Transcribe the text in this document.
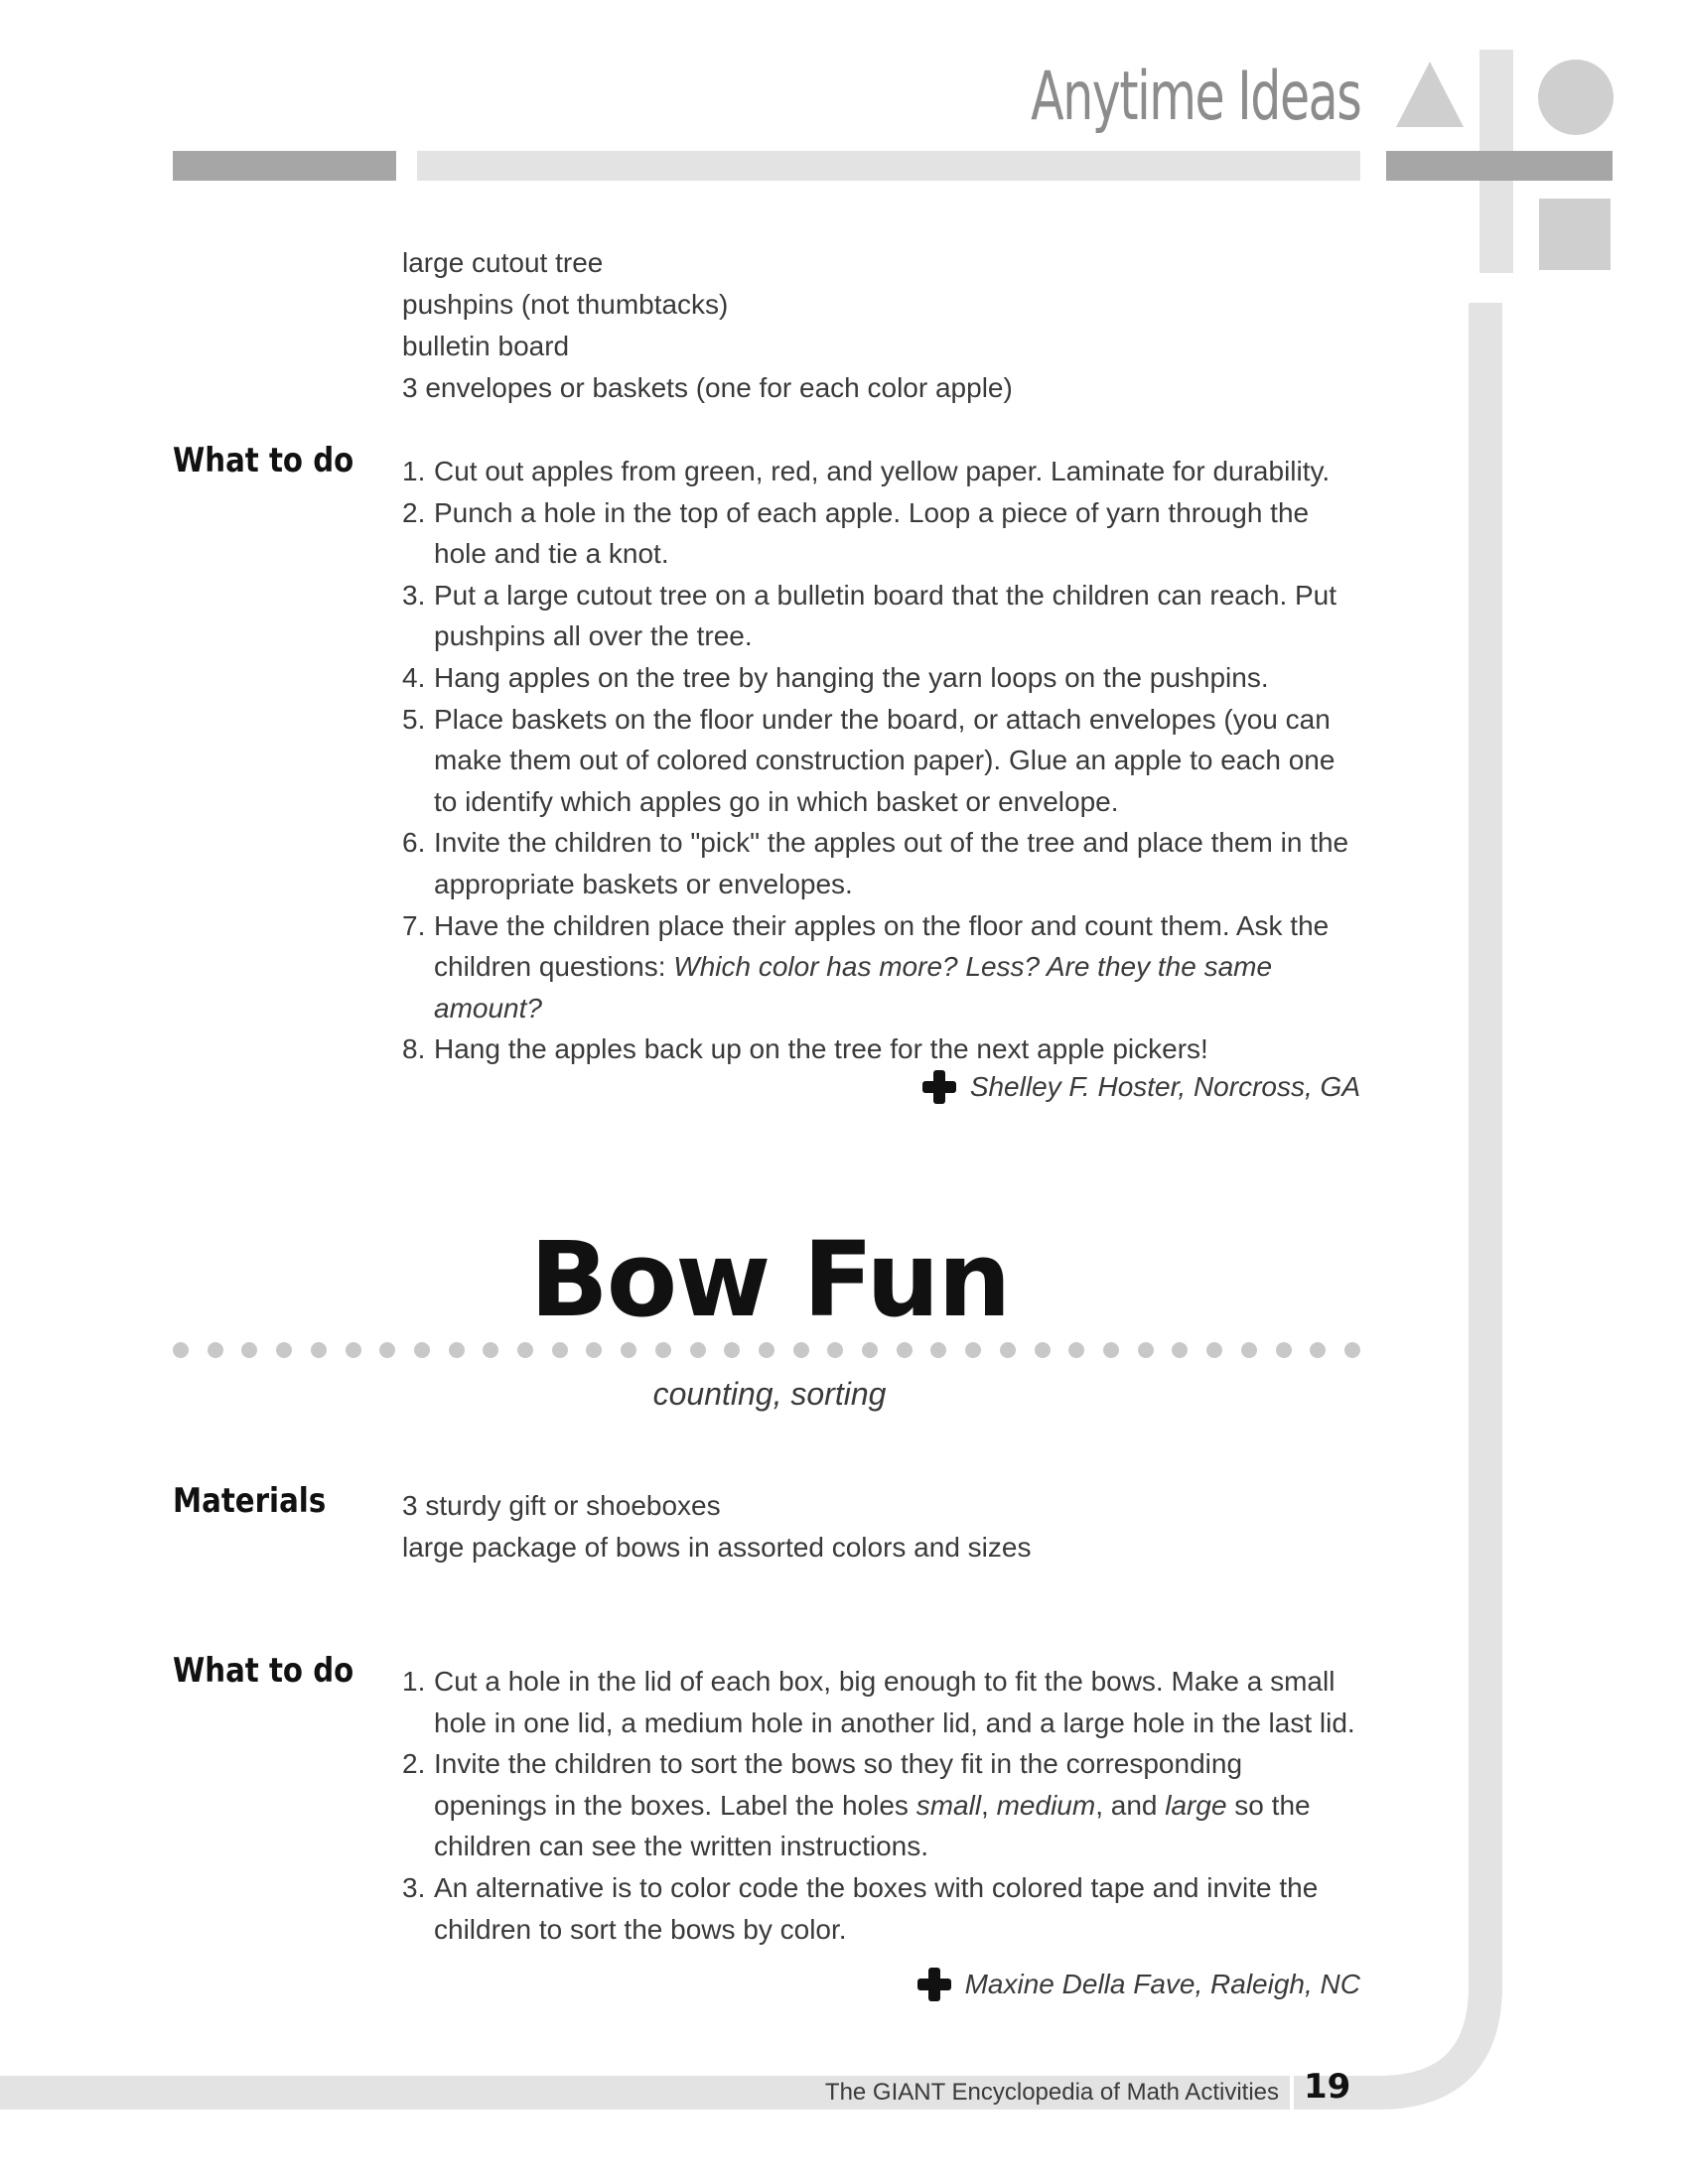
Anytime Ideas
large cutout tree
pushpins (not thumbtacks)
bulletin board
3 envelopes or baskets (one for each color apple)
What to do 1. Cut out apples from green, red, and yellow paper. Laminate for durability.
2. Punch a hole in the top of each apple. Loop a piece of yarn through the hole and tie a knot.
3. Put a large cutout tree on a bulletin board that the children can reach. Put pushpins all over the tree.
4. Hang apples on the tree by hanging the yarn loops on the pushpins.
5. Place baskets on the floor under the board, or attach envelopes (you can make them out of colored construction paper). Glue an apple to each one to identify which apples go in which basket or envelope.
6. Invite the children to "pick" the apples out of the tree and place them in the appropriate baskets or envelopes.
7. Have the children place their apples on the floor and count them. Ask the children questions: Which color has more? Less? Are they the same amount?
8. Hang the apples back up on the tree for the next apple pickers!
Shelley F. Hoster, Norcross, GA
Bow Fun
counting, sorting
Materials	3 sturdy gift or shoeboxes
large package of bows in assorted colors and sizes
What to do 1. Cut a hole in the lid of each box, big enough to fit the bows. Make a small hole in one lid, a medium hole in another lid, and a large hole in the last lid.
2. Invite the children to sort the bows so they fit in the corresponding openings in the boxes. Label the holes small, medium, and large so the children can see the written instructions.
3. An alternative is to color code the boxes with colored tape and invite the children to sort the bows by color.
Maxine Della Fave, Raleigh, NC
The GIANT Encyclopedia of Math Activities 19
